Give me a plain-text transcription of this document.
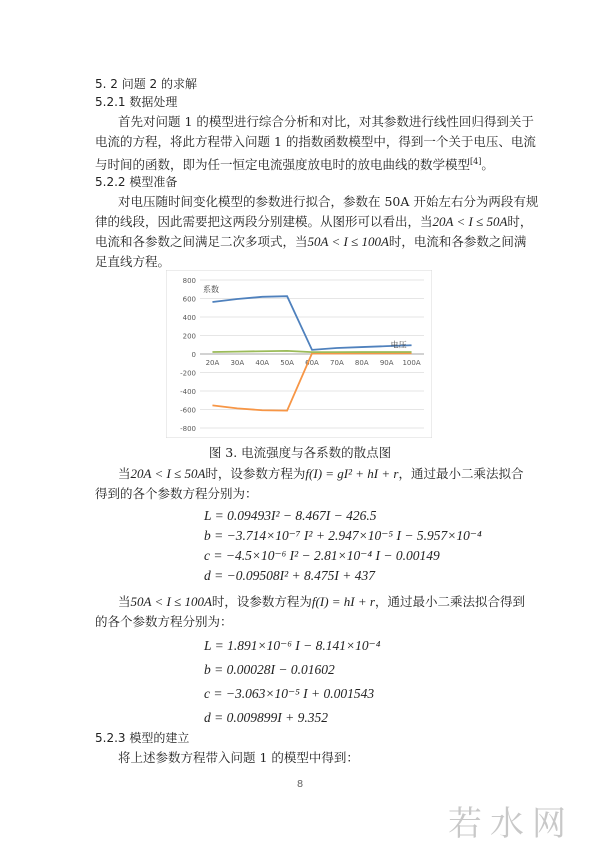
5. 2 问题 2 的求解
5.2.1 数据处理
首先对问题 1 的模型进行综合分析和对比，对其参数进行线性回归得到关于
电流的方程，将此方程带入问题 1 的指数函数模型中，得到一个关于电压、电流
与时间的函数，即为任一恒定电流强度放电时的放电曲线的数学模型[4]。
5.2.2 模型准备
对电压随时间变化模型的参数进行拟合，参数在 50A 开始左右分为两段有规
律的线段，因此需要把这两段分别建模。从图形可以看出，当20A < I ≤ 50A时，
电流和各参数之间满足二次多项式，当50A < I ≤ 100A时，电流和各参数之间满
足直线方程。
800
600
400
200
0
-200
-400
-600
-800
20A 30A 40A 50A 60A 70A 80A 90A 100A
系数
电压
图 3. 电流强度与各系数的散点图
当20A < I ≤ 50A时，设参数方程为f(I) = gI² + hI + r，通过最小二乘法拟合
得到的各个参数方程分别为：
L = 0.09493I² − 8.467I − 426.5
b = −3.714×10⁻⁷ I² + 2.947×10⁻⁵ I − 5.957×10⁻⁴
c = −4.5×10⁻⁶ I² − 2.81×10⁻⁴ I − 0.00149
d = −0.09508I² + 8.475I + 437
当50A < I ≤ 100A时，设参数方程为f(I) = hI + r，通过最小二乘法拟合得到
的各个参数方程分别为：
L = 1.891×10⁻⁶ I − 8.141×10⁻⁴
b = 0.00028I − 0.01602
c = −3.063×10⁻⁵ I + 0.001543
d = 0.009899I + 9.352
5.2.3 模型的建立
将上述参数方程带入问题 1 的模型中得到：
8
若水网
